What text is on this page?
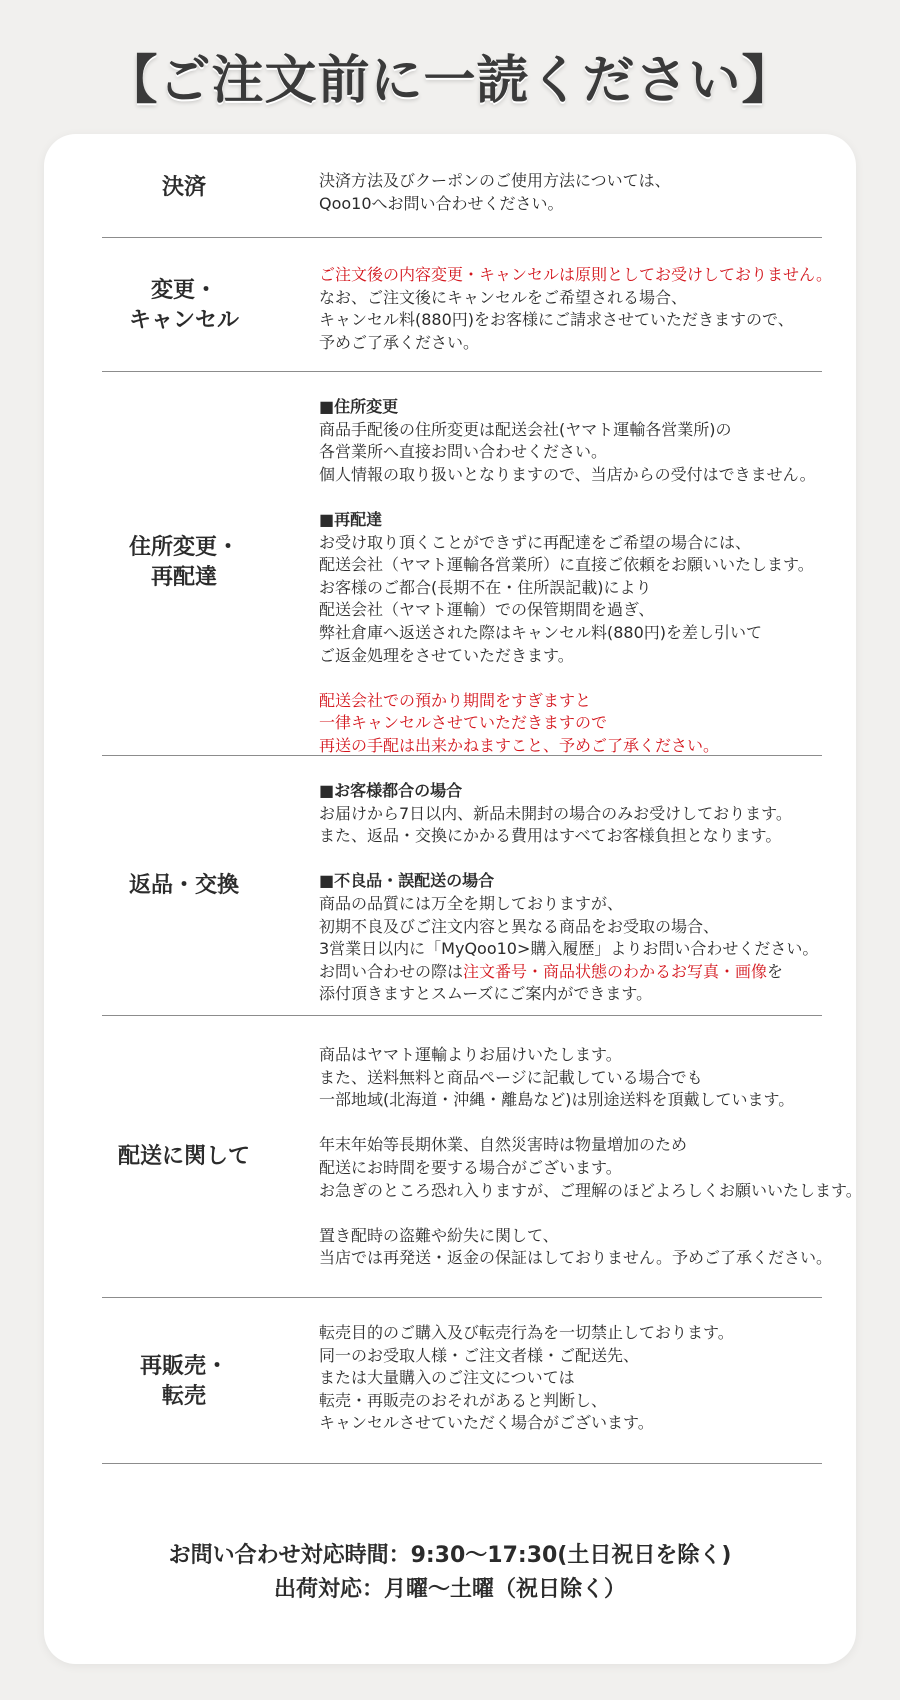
【ご注文前に一読ください】
決済	決済方法及びクーポンのご使用方法については、
Qoo10へお問い合わせください。
変更・
キャンセル
ご注文後の内容変更・キャンセルは原則としてお受けしておりません。
なお、ご注文後にキャンセルをご希望される場合、
キャンセル料(880円)をお客様にご請求させていただきますので、
予めご了承ください。
住所変更・
再配達
■住所変更
商品手配後の住所変更は配送会社(ヤマト運輸各営業所)の
各営業所へ直接お問い合わせください。
個人情報の取り扱いとなりますので、当店からの受付はできません。
■再配達
お受け取り頂くことができずに再配達をご希望の場合には、
配送会社（ヤマト運輸各営業所）に直接ご依頼をお願いいたします。
お客様のご都合(長期不在・住所誤記載)により
配送会社（ヤマト運輸）での保管期間を過ぎ、
弊社倉庫へ返送された際はキャンセル料(880円)を差し引いて
ご返金処理をさせていただきます。
配送会社での預かり期間をすぎますと
一律キャンセルさせていただきますので
再送の手配は出来かねますこと、予めご了承ください。
返品・交換
■お客様都合の場合
お届けから7日以内、新品未開封の場合のみお受けしております。
また、返品・交換にかかる費用はすべてお客様負担となります。
■不良品・誤配送の場合
商品の品質には万全を期しておりますが、
初期不良及びご注文内容と異なる商品をお受取の場合、
3営業日以内に「MyQoo10>購入履歴」よりお問い合わせください。
お問い合わせの際は注文番号・商品状態のわかるお写真・画像を
添付頂きますとスムーズにご案内ができます。
配送に関して
商品はヤマト運輸よりお届けいたします。
また、送料無料と商品ページに記載している場合でも
一部地域(北海道・沖縄・離島など)は別途送料を頂戴しています。
年末年始等長期休業、自然災害時は物量増加のため
配送にお時間を要する場合がございます。
お急ぎのところ恐れ入りますが、ご理解のほどよろしくお願いいたします。
置き配時の盗難や紛失に関して、
当店では再発送・返金の保証はしておりません。予めご了承ください。
再販売・
転売
転売目的のご購入及び転売行為を一切禁止しております。
同一のお受取人様・ご注文者様・ご配送先、
または大量購入のご注文については
転売・再販売のおそれがあると判断し、
キャンセルさせていただく場合がございます。
お問い合わせ対応時間：9:30〜17:30(土日祝日を除く)
出荷対応：月曜〜土曜（祝日除く）
